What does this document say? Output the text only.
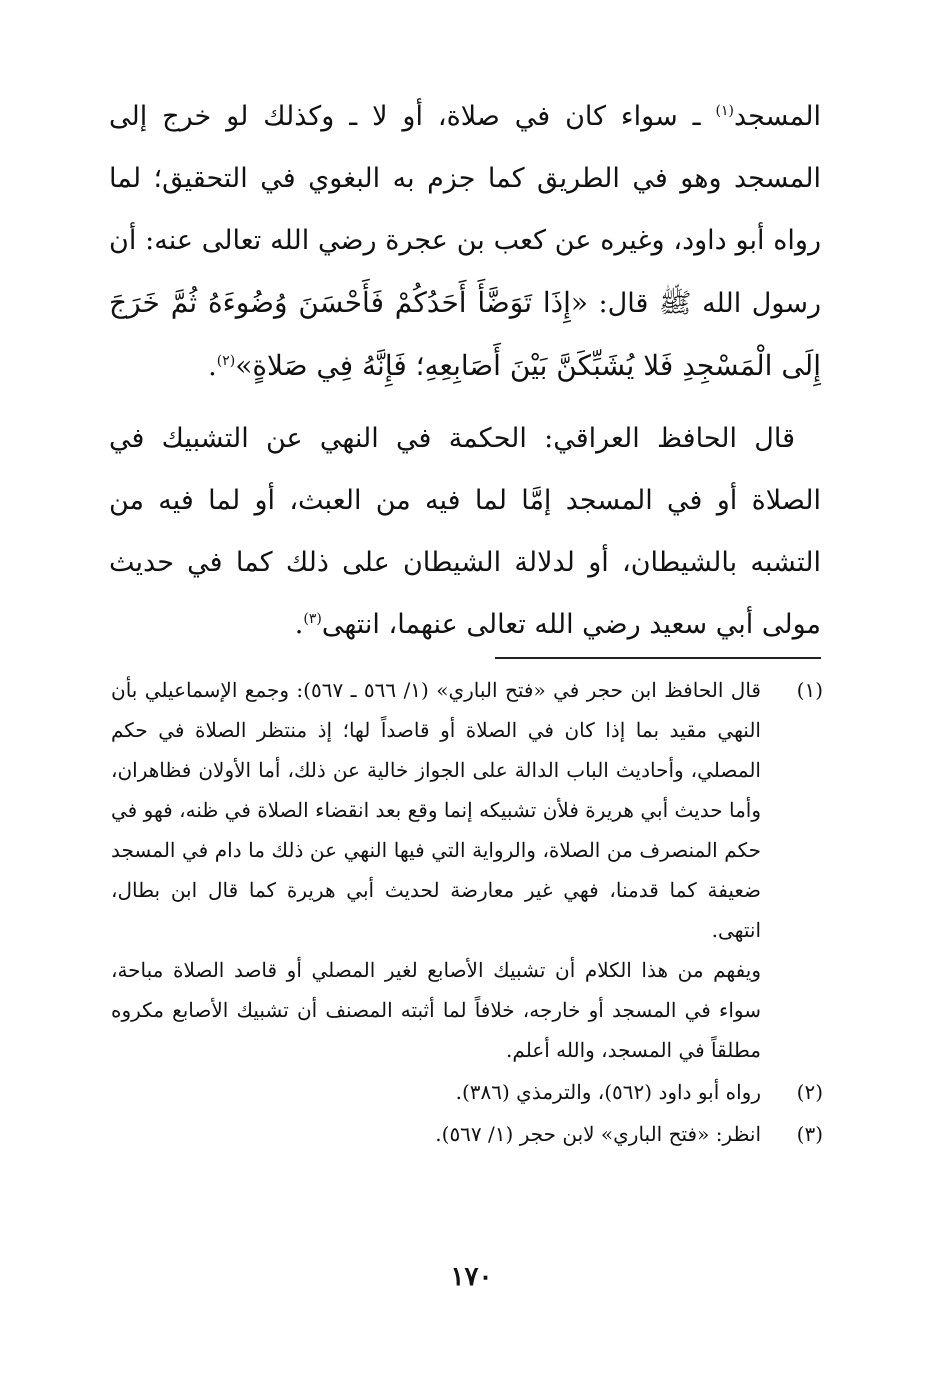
المسجد$^{(١)}$ ـ سواء كان في صلاة، أو لا ـ وكذلك لو خرج إلى المسجد وهو في الطريق كما جزم به البغوي في التحقيق؛ لما رواه أبو داود، وغيره عن كعب بن عجرة رضي الله تعالى عنه: أن رسول الله ﷺ قال: «إِذَا تَوَضَّأَ أَحَدُكُمْ فَأَحْسَنَ وُضُوءَهُ ثُمَّ خَرَجَ إِلَى الْمَسْجِدِ فَلا يُشَبِّكَنَّ بَيْنَ أَصَابِعِهِ؛ فَإِنَّهُ فِي صَلاةٍ»$^{(٢)}$.

قال الحافظ العراقي: الحكمة في النهي عن التشبيك في الصلاة أو في المسجد إمَّا لما فيه من العبث، أو لما فيه من التشبه بالشيطان، أو لدلالة الشيطان على ذلك كما في حديث مولى أبي سعيد رضي الله تعالى عنهما، انتهى$^{(٣)}$.

(١)

قال الحافظ ابن حجر في «فتح الباري» (١/ ٥٦٦ ـ ٥٦٧): وجمع الإسماعيلي بأن النهي مقيد بما إذا كان في الصلاة أو قاصداً لها؛ إذ منتظر الصلاة في حكم المصلي، وأحاديث الباب الدالة على الجواز خالية عن ذلك، أما الأولان فظاهران، وأما حديث أبي هريرة فلأن تشبيكه إنما وقع بعد انقضاء الصلاة في ظنه، فهو في حكم المنصرف من الصلاة، والرواية التي فيها النهي عن ذلك ما دام في المسجد ضعيفة كما قدمنا، فهي غير معارضة لحديث أبي هريرة كما قال ابن بطال، انتهى.

ويفهم من هذا الكلام أن تشبيك الأصابع لغير المصلي أو قاصد الصلاة مباحة، سواء في المسجد أو خارجه، خلافاً لما أثبته المصنف أن تشبيك الأصابع مكروه مطلقاً في المسجد، والله أعلم.

(٢)

رواه أبو داود (٥٦٢)، والترمذي (٣٨٦).

(٣)

انظر: «فتح الباري» لابن حجر (١/ ٥٦٧).

١٧٠
